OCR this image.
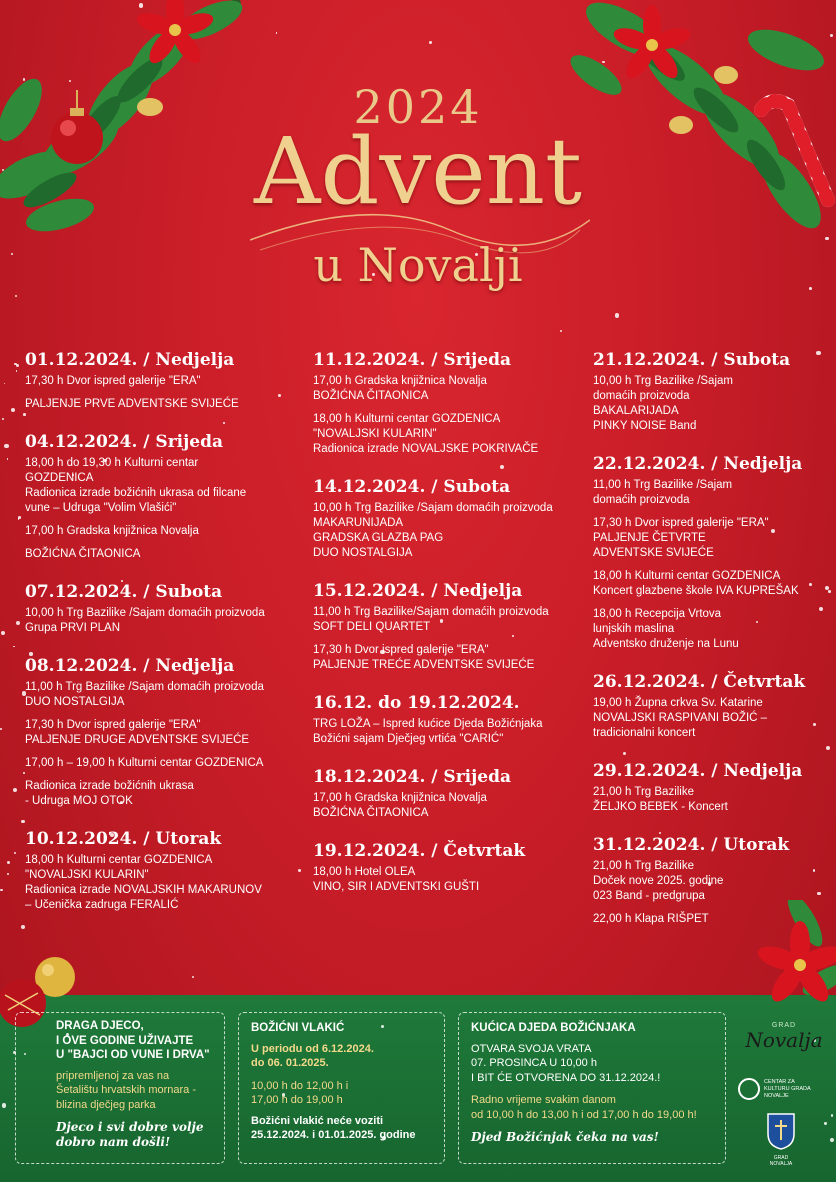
2024
Advent
u Novalji
01.12.2024. / Nedjelja
17,30 h Dvor ispred galerije "ERA"
PALJENJE PRVE ADVENTSKE SVIJEĆE
04.12.2024. / Srijeda
18,00 h do 19,30 h Kulturni centar
GOZDENICA
Radionica izrade božićnih ukrasa od filcane
vune – Udruga "Volim Vlašići"
17,00 h Gradska knjižnica Novalja
BOŽIĆNA ČITAONICA
07.12.2024. / Subota
10,00 h Trg Bazilike /Sajam domaćih proizvoda
Grupa PRVI PLAN
08.12.2024. / Nedjelja
11,00 h Trg Bazilike /Sajam domaćih proizvoda
DUO NOSTALGIJA
17,30 h Dvor ispred galerije "ERA"
PALJENJE DRUGE ADVENTSKE SVIJEĆE
17,00 h – 19,00 h Kulturni centar GOZDENICA
Radionica izrade božićnih ukrasa
- Udruga MOJ OTOK
10.12.2024. / Utorak
18,00 h Kulturni centar GOZDENICA
"NOVALJSKI KULARIN"
Radionica izrade NOVALJSKIH MAKARUNOV
– Učenička zadruga FERALIĆ
11.12.2024. / Srijeda
17,00 h Gradska knjižnica Novalja
BOŽIĆNA ČITAONICA
18,00 h Kulturni centar GOZDENICA
"NOVALJSKI KULARIN"
Radionica izrade NOVALJSKE POKRIVAČE
14.12.2024. / Subota
10,00 h Trg Bazilike /Sajam domaćih proizvoda
MAKARUNIJADA
GRADSKA GLAZBA PAG
DUO NOSTALGIJA
15.12.2024. / Nedjelja
11,00 h Trg Bazilike/Sajam domaćih proizvoda
SOFT DELI QUARTET
17,30 h Dvor ispred galerije "ERA"
PALJENJE TREĆE ADVENTSKE SVIJEĆE
16.12. do 19.12.2024.
TRG LOŽA – Ispred kućice Djeda Božićnjaka
Božićni sajam Dječjeg vrtića "CARIĆ"
18.12.2024. / Srijeda
17,00 h Gradska knjižnica Novalja
BOŽIĆNA ČITAONICA
19.12.2024. / Četvrtak
18,00 h Hotel OLEA
VINO, SIR I ADVENTSKI GUŠTI
21.12.2024. / Subota
10,00 h Trg Bazilike /Sajam
domaćih proizvoda
BAKALARIJADA
PINKY NOISE Band
22.12.2024. / Nedjelja
11,00 h Trg Bazilike /Sajam
domaćih proizvoda
17,30 h Dvor ispred galerije "ERA"
PALJENJE ČETVRTE
ADVENTSKE SVIJEĆE
18,00 h Kulturni centar GOZDENICA
Koncert glazbene škole IVA KUPREŠAK
18,00 h Recepcija Vrtova
lunjskih maslina
Adventsko druženje na Lunu
26.12.2024. / Četvrtak
19,00 h Župna crkva Sv. Katarine
NOVALJSKI RASPIVANI BOŽIĆ –
tradicionalni koncert
29.12.2024. / Nedjelja
21,00 h Trg Bazilike
ŽELJKO BEBEK - Koncert
31.12.2024. / Utorak
21,00 h Trg Bazilike
Doček nove 2025. godine
023 Band - predgrupa
22,00 h Klapa RIŠPET
DRAGA DJECO,
I OVE GODINE UŽIVAJTE
U "BAJCI OD VUNE I DRVA"
pripremljenoj za vas na Šetalištu hrvatskih mornara - blizina dječjeg parka
Djeco i svi dobre volje dobro nam došli!
BOŽIĆNI VLAKIĆ
U periodu od 6.12.2024.
do 06. 01.2025.
10,00 h do 12,00 h i
17,00 h do 19,00 h
Božićni vlakić neće voziti
25.12.2024. i 01.01.2025. godine
KUĆICA DJEDA BOŽIĆNJAKA
OTVARA SVOJA VRATA
07. PROSINCA U 10,00 h
I BIT ĆE OTVORENA DO 31.12.2024.!
Radno vrijeme svakim danom
od 10,00 h do 13,00 h i od 17,00 h do 19,00 h!
Djed Božićnjak čeka na vas!
GRAD
Novalja
CENTAR ZA KULTURU GRADA NOVALJE
GRAD NOVALJA
